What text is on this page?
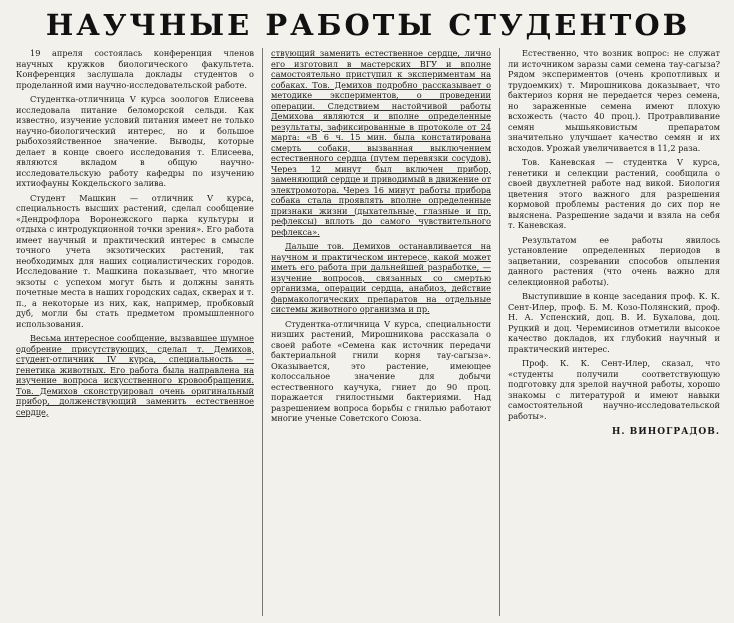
НАУЧНЫЕ РАБОТЫ СТУДЕНТОВ

19 апреля состоялась конференция членов научных кружков биологического факультета. Конференция заслушала доклады студентов о проделанной ими научно-исследовательской работе.

Студентка-отличница V курса зоологов Елисеева исследовала питание беломорской сельди. Как известно, изучение условий питания имеет не только научно-биологический интерес, но и большое рыбохозяйственное значение. Выводы, которые делает в конце своего исследования т. Елисеева, являются вкладом в общую научно-исследовательскую работу кафедры по изучению ихтиофауны Кокдельского залива.

Студент Машкин — отличник V курса, специальность высших растений, сделал сообщение «Дендрофлора Воронежского парка культуры и отдыха с интродукционной точки зрения». Его работа имеет научный и практический интерес в смысле точного учета экзотических растений, так необходимых для наших социалистических городов. Исследование т. Машкина показывает, что многие экзоты с успехом могут быть и должны занять почетные места в наших городских садах, скверах и т. п., а некоторые из них, как, например, пробковый дуб, могли бы стать предметом промышленного использования.

Весьма интересное сообщение, вызвавшее шумное одобрение присутствующих, сделал т. Демихов, студент-отличник IV курса, специальность — генетика животных. Его работа была направлена на изучение вопроса искусственного кровообращения. Тов. Демихов сконструировал очень оригинальный прибор, долженствующий заменить естественное сердце,

ствующий заменить естественное сердце, лично его изготовил в мастерских ВГУ и вполне самостоятельно приступил к экспериментам на собаках. Тов. Демихов подробно рассказывает о методике экспериментов, о проведении операции. Следствием настойчивой работы Демихова являются и вполне определенные результаты, зафиксированные в протоколе от 24 марта: «В 6 ч. 15 мин. была констатирована смерть собаки, вызванная выключением естественного сердца (путем перевязки сосудов). Через 12 минут был включен прибор, заменяющий сердце и приводимый в движение от электромотора. Через 16 минут работы прибора собака стала проявлять вполне определенные признаки жизни (дыхательные, глазные и пр. рефлексы) вплоть до самого чувствительного рефлекса».

Дальше тов. Демихов останавливается на научном и практическом интересе, какой может иметь его работа при дальнейшей разработке, — изучение вопросов, связанных со смертью организма, операции сердца, анабиоз, действие фармакологических препаратов на отдельные системы животного организма и пр.

Студентка-отличница V курса, специальности низших растений, Мирошникова рассказала о своей работе «Семена как источник передачи бактериальной гнили корня тау-сагыза». Оказывается, это растение, имеющее колоссальное значение для добычи естественного каучука, гниет до 90 проц. поражается гнилостными бактериями. Над разрешением вопроса борьбы с гнилью работают многие ученые Советского Союза.

Естественно, что возник вопрос: не служат ли источником заразы сами семена тау-сагыза? Рядом экспериментов (очень кропотливых и трудоемких) т. Мирошникова доказывает, что бактериоз корня не передается через семена, но зараженные семена имеют плохую всхожесть (часто 40 проц.). Протравливание семян мышьяковистым препаратом значительно улучшает качество семян и их всходов. Урожай увеличивается в 11,2 раза.

Тов. Каневская — студентка V курса, генетики и селекции растений, сообщила о своей двухлетней работе над викой. Биология цветения этого важного для разрешения кормовой проблемы растения до сих пор не выяснена. Разрешение задачи и взяла на себя т. Каневская.

Результатом ее работы явилось установление определенных периодов в зацветании, созревании способов опыления данного растения (что очень важно для селекционной работы).

Выступившие в конце заседания проф. К. К. Сент-Илер, проф. Б. М. Козо-Полянский, проф. Н. А. Успенский, доц. В. И. Бухалова, доц. Руцкий и доц. Черемисинов отметили высокое качество докладов, их глубокий научный и практический интерес.

Проф. К. К. Сент-Илер, сказал, что «студенты получили соответствующую подготовку для зрелой научной работы, хорошо знакомы с литературой и имеют навыки самостоятельной научно-исследовательской работы».

Н. ВИНОГРАДОВ.
